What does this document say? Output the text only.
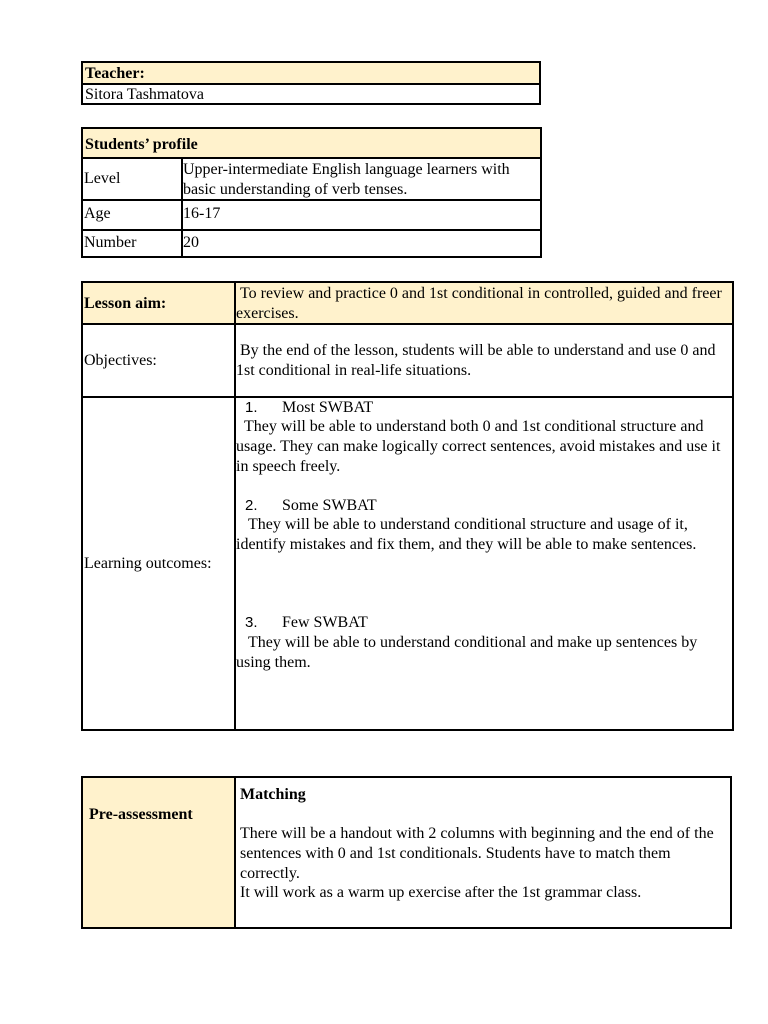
Teacher:
Sitora Tashmatova
Students’ profile
Level
Upper-intermediate English language learners with basic understanding of verb tenses.
Age	16-17
Number	20
Lesson aim:
To review and practice 0 and 1st conditional in controlled, guided and freer exercises.
Objectives:
By the end of the lesson, students will be able to understand and use 0 and 1st conditional in real-life situations.
Learning outcomes:
1. Most SWBAT
They will be able to understand both 0 and 1st conditional structure and usage. They can make logically correct sentences, avoid mistakes and use it in speech freely.
2. Some SWBAT
They will be able to understand conditional structure and usage of it, identify mistakes and fix them, and they will be able to make sentences.
3. Few SWBAT
They will be able to understand conditional and make up sentences by using them.
Pre-assessment
Matching
There will be a handout with 2 columns with beginning and the end of the sentences with 0 and 1st conditionals. Students have to match them correctly.
It will work as a warm up exercise after the 1st grammar class.
